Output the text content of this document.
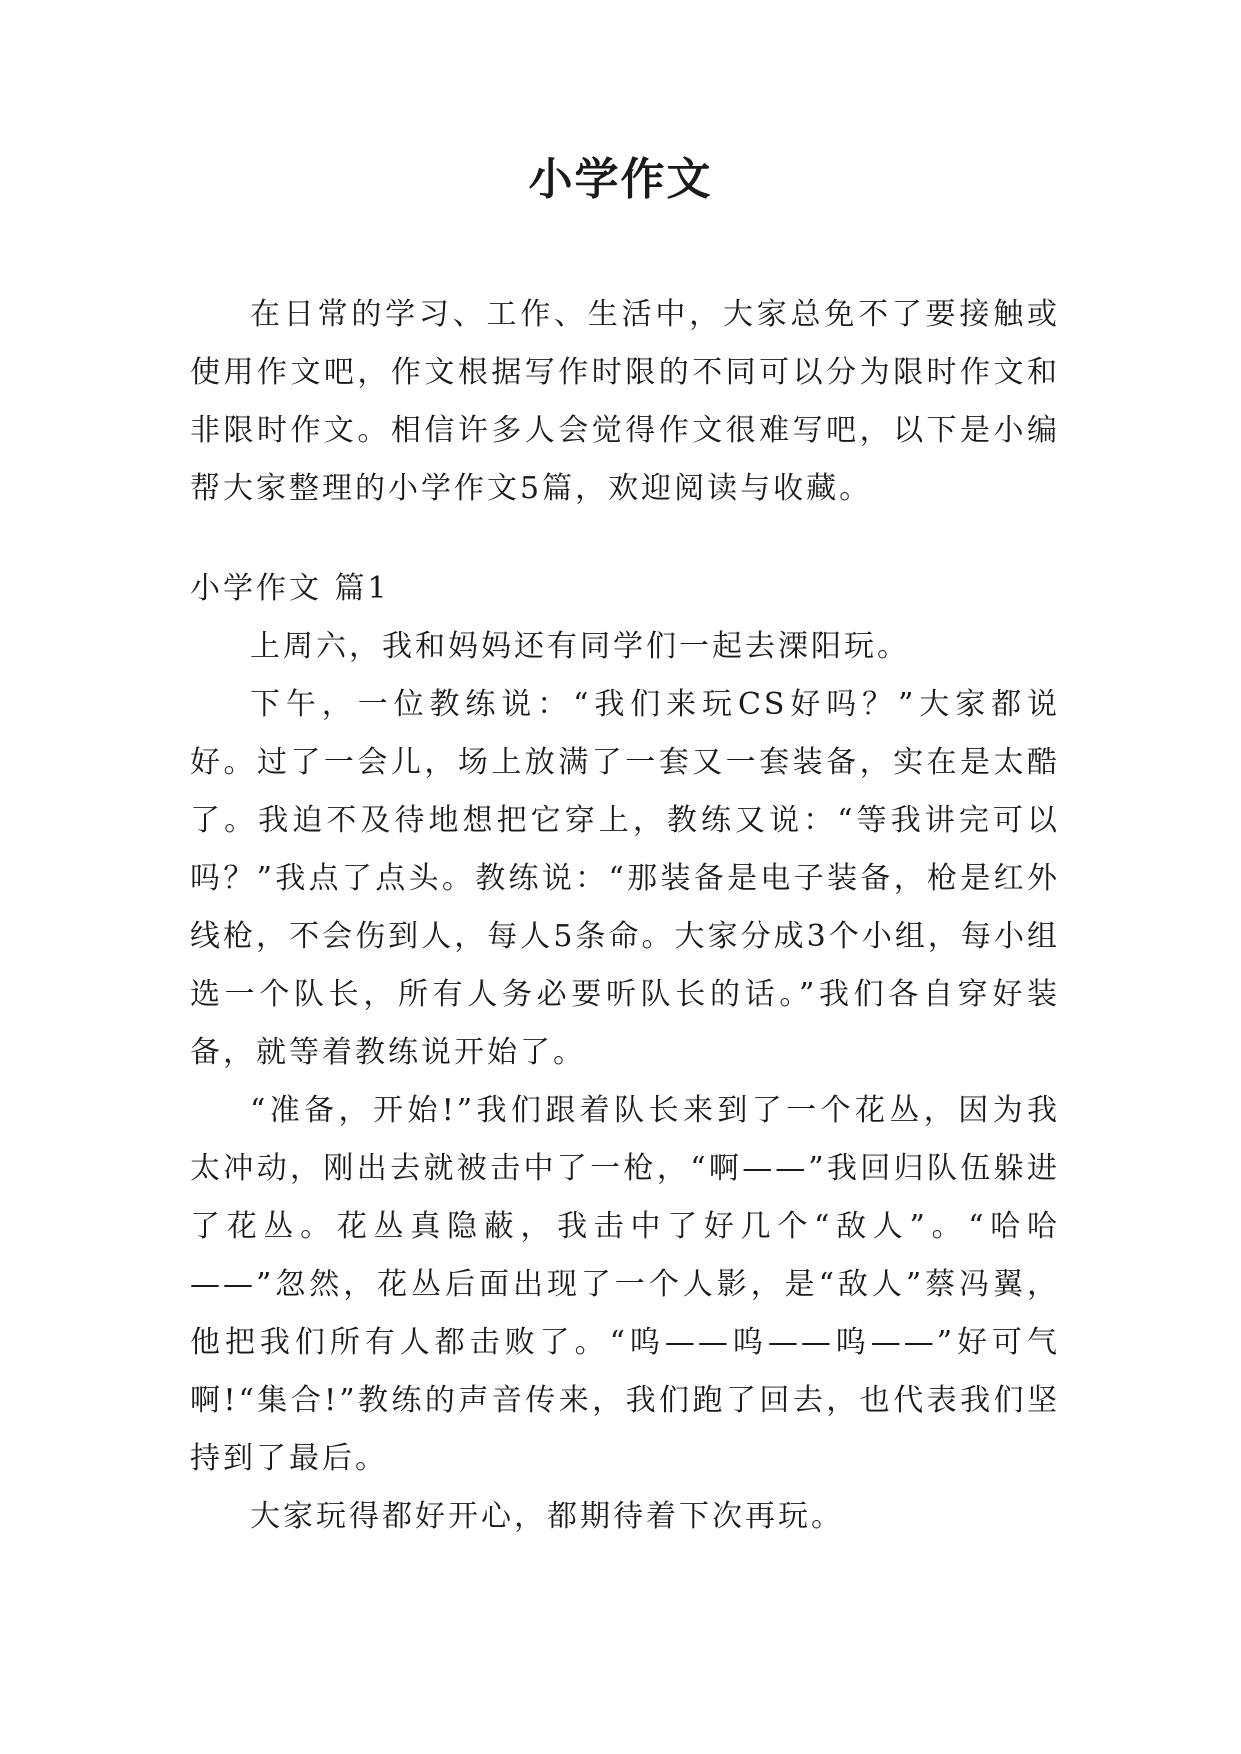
小学作文

在日常的学习、工作、生活中，大家总免不了要接触或使用作文吧，作文根据写作时限的不同可以分为限时作文和非限时作文。相信许多人会觉得作文很难写吧，以下是小编帮大家整理的小学作文5篇，欢迎阅读与收藏。

小学作文 篇1

上周六，我和妈妈还有同学们一起去溧阳玩。

下午，一位教练说：“我们来玩CS好吗？”大家都说好。过了一会儿，场上放满了一套又一套装备，实在是太酷了。我迫不及待地想把它穿上，教练又说：“等我讲完可以吗？”我点了点头。教练说：“那装备是电子装备，枪是红外线枪，不会伤到人，每人5条命。大家分成3个小组，每小组选一个队长，所有人务必要听队长的话。”我们各自穿好装备，就等着教练说开始了。

“准备，开始!”我们跟着队长来到了一个花丛，因为我太冲动，刚出去就被击中了一枪，“啊——”我回归队伍躲进了花丛。花丛真隐蔽，我击中了好几个“敌人”。“哈哈——”忽然，花丛后面出现了一个人影，是“敌人”蔡冯翼，他把我们所有人都击败了。“呜——呜——呜——”好可气啊!“集合!”教练的声音传来，我们跑了回去，也代表我们坚持到了最后。

大家玩得都好开心，都期待着下次再玩。
